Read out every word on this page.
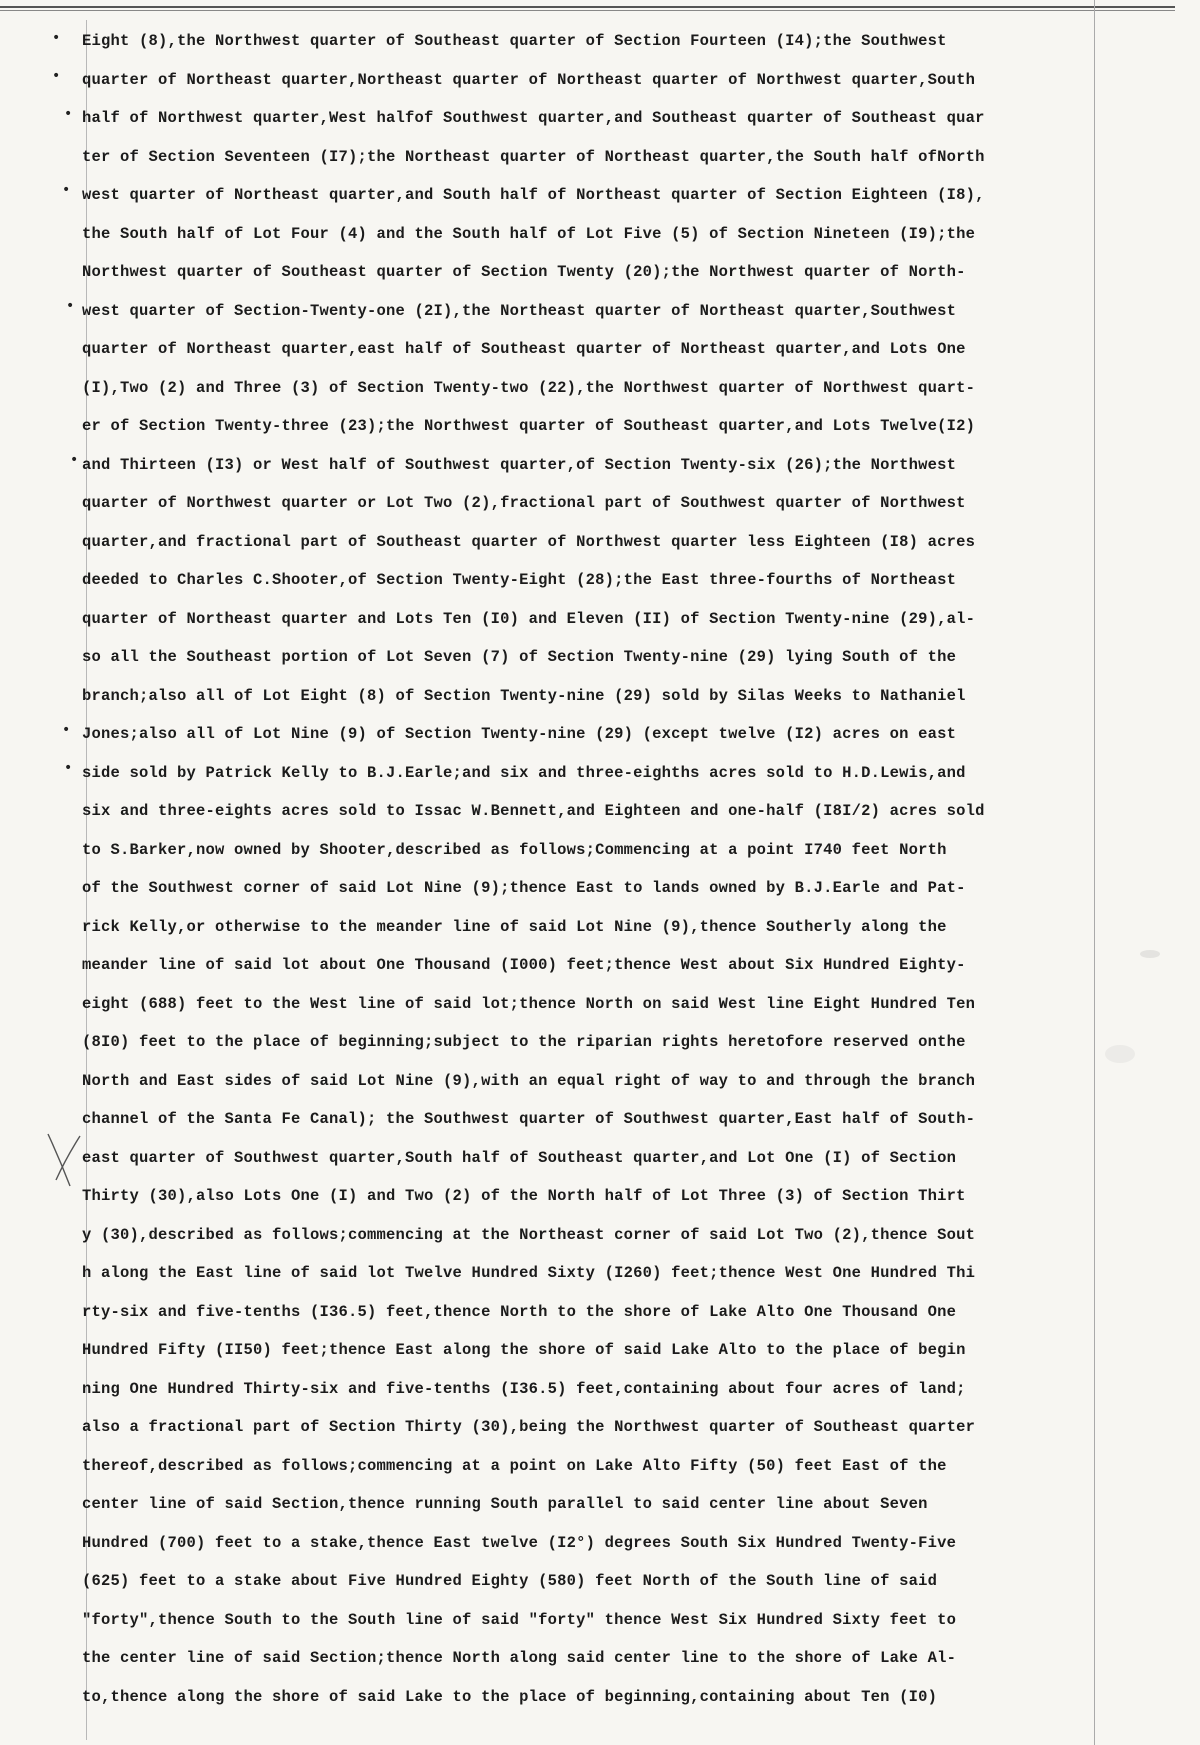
•
•
•
•
•
•
•
•
Eight (8),the Northwest quarter of Southeast quarter of Section Fourteen (I4);the Southwest
quarter of Northeast quarter,Northeast quarter of Northeast quarter of Northwest quarter,South
half of Northwest quarter,West halfof Southwest quarter,and Southeast quarter of Southeast quar
ter of Section Seventeen (I7);the Northeast quarter of Northeast quarter,the South half ofNorth
west quarter of Northeast quarter,and South half of Northeast quarter of Section Eighteen (I8),
the South half of Lot Four (4) and the South half of Lot Five (5) of Section Nineteen (I9);the
Northwest quarter of Southeast quarter of Section Twenty (20);the Northwest quarter of North-
west quarter of Section-Twenty-one (2I),the Northeast quarter of Northeast quarter,Southwest
quarter of Northeast quarter,east half of Southeast quarter of Northeast quarter,and Lots One
(I),Two (2) and Three (3) of Section Twenty-two (22),the Northwest quarter of Northwest quart-
er of Section Twenty-three (23);the Northwest quarter of Southeast quarter,and Lots Twelve(I2)
and Thirteen (I3) or West half of Southwest quarter,of Section Twenty-six (26);the Northwest
quarter of Northwest quarter or Lot Two (2),fractional part of Southwest quarter of Northwest
quarter,and fractional part of Southeast quarter of Northwest quarter less Eighteen (I8) acres
deeded to Charles C.Shooter,of Section Twenty-Eight (28);the East three-fourths of Northeast
quarter of Northeast quarter and Lots Ten (I0) and Eleven (II) of Section Twenty-nine (29),al-
so all the Southeast portion of Lot Seven (7) of Section Twenty-nine (29) lying South of the
branch;also all of Lot Eight (8) of Section Twenty-nine (29) sold by Silas Weeks to Nathaniel
Jones;also all of Lot Nine (9) of Section Twenty-nine (29) (except twelve (I2) acres on east
side sold by Patrick Kelly to B.J.Earle;and six and three-eighths acres sold to H.D.Lewis,and
six and three-eights acres sold to Issac W.Bennett,and Eighteen and one-half (I8I/2) acres sold
to S.Barker,now owned by Shooter,described as follows;Commencing at a point I740 feet North
of the Southwest corner of said Lot Nine (9);thence East to lands owned by B.J.Earle and Pat-
rick Kelly,or otherwise to the meander line of said Lot Nine (9),thence Southerly along the
meander line of said lot about One Thousand (I000) feet;thence West about Six Hundred Eighty-
eight (688) feet to the West line of said lot;thence North on said West line Eight Hundred Ten
(8I0) feet to the place of beginning;subject to the riparian rights heretofore reserved onthe
North and East sides of said Lot Nine (9),with an equal right of way to and through the branch
channel of the Santa Fe Canal); the Southwest quarter of Southwest quarter,East half of South-
east quarter of Southwest quarter,South half of Southeast quarter,and Lot One (I) of Section
Thirty (30),also Lots One (I) and Two (2) of the North half of Lot Three (3) of Section Thirt
y (30),described as follows;commencing at the Northeast corner of said Lot Two (2),thence Sout
h along the East line of said lot Twelve Hundred Sixty (I260) feet;thence West One Hundred Thi
rty-six and five-tenths (I36.5) feet,thence North to the shore of Lake Alto One Thousand One
Hundred Fifty (II50) feet;thence East along the shore of said Lake Alto to the place of begin
ning One Hundred Thirty-six and five-tenths (I36.5) feet,containing about four acres of land;
also a fractional part of Section Thirty (30),being the Northwest quarter of Southeast quarter
thereof,described as follows;commencing at a point on Lake Alto Fifty (50) feet East of the
center line of said Section,thence running South parallel to said center line about Seven
Hundred (700) feet to a stake,thence East twelve (I2°) degrees South Six Hundred Twenty-Five
(625) feet to a stake about Five Hundred Eighty (580) feet North of the South line of said
"forty",thence South to the South line of said "forty" thence West Six Hundred Sixty feet to
the center line of said Section;thence North along said center line to the shore of Lake Al-
to,thence along the shore of said Lake to the place of beginning,containing about Ten (I0)
